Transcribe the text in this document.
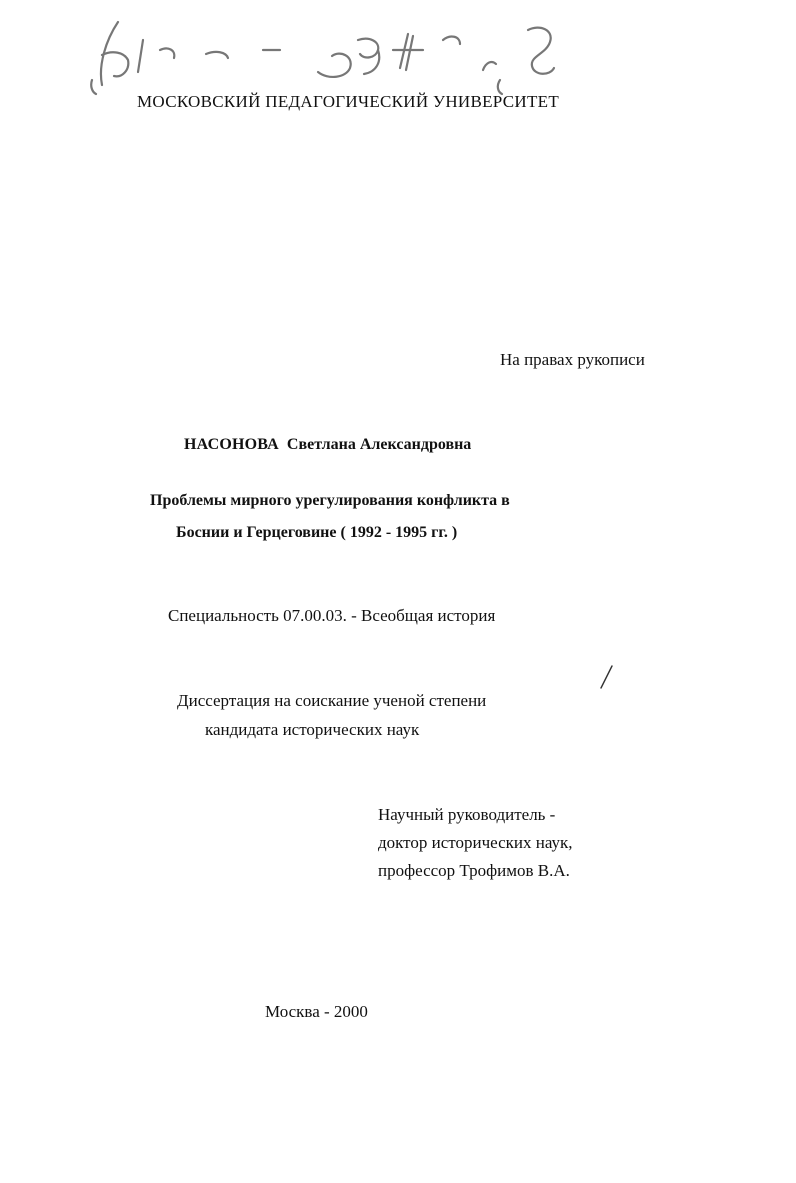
МОСКОВСКИЙ ПЕДАГОГИЧЕСКИЙ УНИВЕРСИТЕТ
На правах рукописи
НАСОНОВА Светлана Александровна
Проблемы мирного урегулирования конфликта в
Боснии и Герцеговине ( 1992 - 1995 гг. )
Специальность 07.00.03. - Всеобщая история
Диссертация на соискание ученой степени
кандидата исторических наук
Научный руководитель -
доктор исторических наук,
профессор Трофимов В.А.
Москва - 2000
